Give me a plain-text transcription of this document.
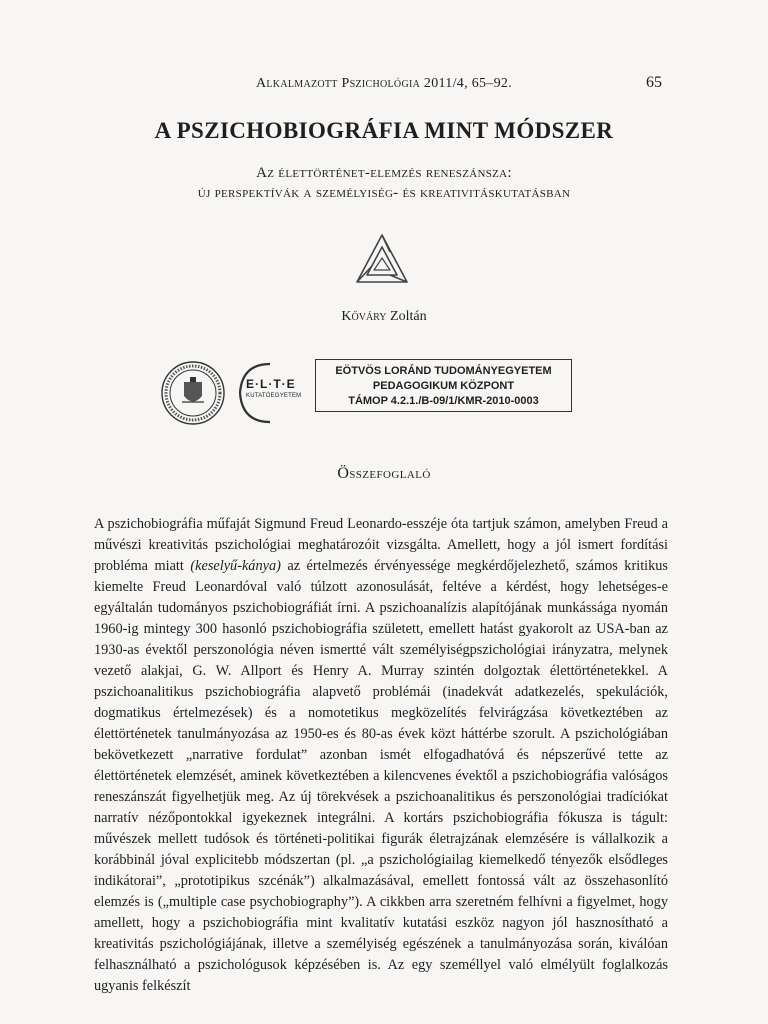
Alkalmazott Pszichológia 2011/4, 65–92.	65
A PSZICHOBIOGRÁFIA MINT MÓDSZER
Az élettörténet-elemzés reneszánsza:
új perspektívák a személyiség- és kreativitáskutatásban
Kőváry Zoltán
E·L·T·E
KUTATÓEGYETEM
EÖTVÖS LORÁND TUDOMÁNYEGYETEM
PEDAGOGIKUM KÖZPONT
TÁMOP 4.2.1./B-09/1/KMR-2010-0003
Összefoglaló

A pszichobiográfia műfaját Sigmund Freud Leonardo-esszéje óta tartjuk számon, amelyben Freud a művészi kreativitás pszichológiai meghatározóit vizsgálta. Amellett, hogy a jól ismert fordítási probléma miatt (keselyű-kánya) az értelmezés érvényessége megkérdőjelezhető, számos kritikus kiemelte Freud Leonardóval való túlzott azonosulását, feltéve a kérdést, hogy lehetséges-e egyáltalán tudományos pszichobiográfiát írni. A pszichoanalízis alapítójának munkássága nyomán 1960-ig mintegy 300 hasonló pszichobiográfia született, emellett hatást gyakorolt az USA-ban az 1930-as évektől perszonológia néven ismertté vált személyiségpszichológiai irányzatra, melynek vezető alakjai, G. W. Allport és Henry A. Murray szintén dolgoztak élettörténetekkel. A pszichoanalitikus pszichobiográfia alapvető problémái (inadekvát adatkezelés, spekulációk, dogmatikus értelmezések) és a nomotetikus megközelítés felvirágzása következtében az élettörténetek tanulmányozása az 1950-es és 80-as évek közt háttérbe szorult. A pszichológiában bekövetkezett „narrative fordulat” azonban ismét elfogadhatóvá és népszerűvé tette az élettörténetek elemzését, aminek következtében a kilencvenes évektől a pszichobiográfia valóságos reneszánszát figyelhetjük meg. Az új törekvések a pszichoanalitikus és perszonológiai tradíciókat narratív nézőpontokkal igyekeznek integrálni. A kortárs pszichobiográfia fókusza is tágult: művészek mellett tudósok és történeti-politikai figurák életrajzának elemzésére is vállalkozik a korábbinál jóval explicitebb módszertan (pl. „a pszichológiailag kiemelkedő tényezők elsődleges indikátorai”, „prototipikus szcénák”) alkalmazásával, emellett fontossá vált az összehasonlító elemzés is („multiple case psychobiography”). A cikkben arra szeretném felhívni a figyelmet, hogy amellett, hogy a pszichobiográfia mint kvalitatív kutatási eszköz nagyon jól hasznosítható a kreativitás pszichológiájának, illetve a személyiség egészének a tanulmányozása során, kiválóan felhasználható a pszichológusok képzésében is. Az egy személlyel való elmélyült foglalkozás ugyanis felkészít
